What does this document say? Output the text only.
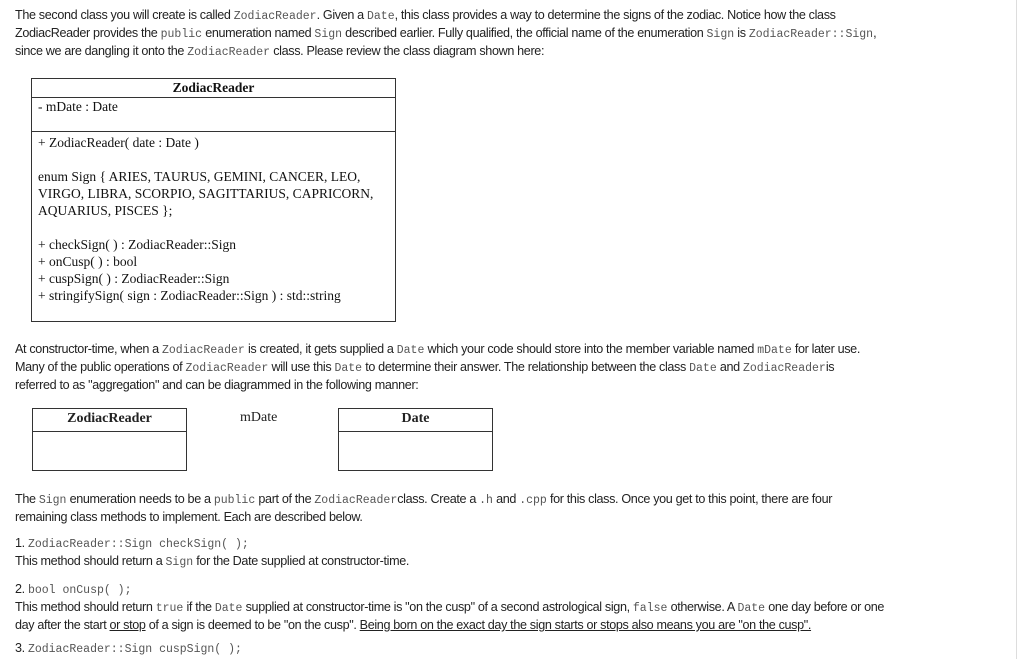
The second class you will create is called ZodiacReader. Given a Date, this class provides a way to determine the signs of the zodiac. Notice how the class
ZodiacReader provides the public enumeration named Sign described earlier. Fully qualified, the official name of the enumeration Sign is ZodiacReader::Sign,
since we are dangling it onto the ZodiacReader class. Please review the class diagram shown here:
ZodiacReader
- mDate : Date
+ ZodiacReader( date : Date )
enum Sign { ARIES, TAURUS, GEMINI, CANCER, LEO,
VIRGO, LIBRA, SCORPIO, SAGITTARIUS, CAPRICORN,
AQUARIUS, PISCES };
+ checkSign( ) : ZodiacReader::Sign
+ onCusp( ) : bool
+ cuspSign( ) : ZodiacReader::Sign
+ stringifySign( sign : ZodiacReader::Sign ) : std::string
At constructor-time, when a ZodiacReader is created, it gets supplied a Date which your code should store into the member variable named mDate for later use.
Many of the public operations of ZodiacReader will use this Date to determine their answer. The relationship between the class Date and ZodiacReaderis
referred to as "aggregation" and can be diagrammed in the following manner:
ZodiacReader	mDate	Date
The Sign enumeration needs to be a public part of the ZodiacReaderclass. Create a .h and .cpp for this class. Once you get to this point, there are four
remaining class methods to implement. Each are described below.
1. ZodiacReader::Sign checkSign( );
This method should return a Sign for the Date supplied at constructor-time.
2. bool onCusp( );
This method should return true if the Date supplied at constructor-time is "on the cusp" of a second astrological sign, false otherwise. A Date one day before or one
day after the start or stop of a sign is deemed to be "on the cusp". Being born on the exact day the sign starts or stops also means you are "on the cusp".
3. ZodiacReader::Sign cuspSign( );
